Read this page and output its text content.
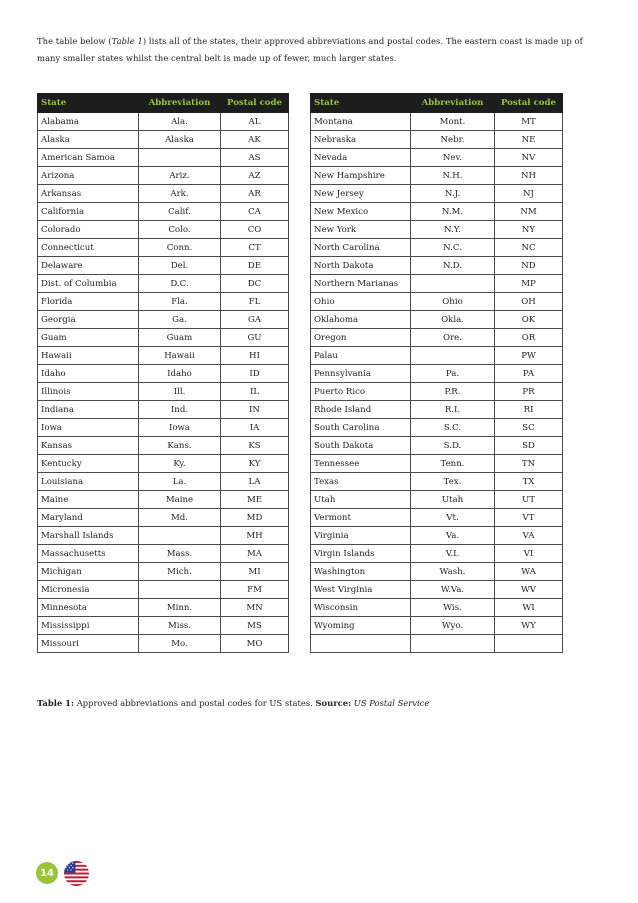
The table below (Table 1) lists all of the states, their approved abbreviations and postal codes. The eastern coast is made up of many smaller states whilst the central belt is made up of fewer, much larger states.
State	Abbreviation	Postal code
Alabama	Ala.	AL
Alaska	Alaska	AK
American Samoa		AS
Arizona	Ariz.	AZ
Arkansas	Ark.	AR
California	Calif.	CA
Colorado	Colo.	CO
Connecticut	Conn.	CT
Delaware	Del.	DE
Dist. of Columbia	D.C.	DC
Florida	Fla.	FL
Georgia	Ga.	GA
Guam	Guam	GU
Hawaii	Hawaii	HI
Idaho	Idaho	ID
Illinois	Ill.	IL
Indiana	Ind.	IN
Iowa	Iowa	IA
Kansas	Kans.	KS
Kentucky	Ky.	KY
Louisiana	La.	LA
Maine	Maine	ME
Maryland	Md.	MD
Marshall Islands		MH
Massachusetts	Mass.	MA
Michigan	Mich.	MI
Micronesia		FM
Minnesota	Minn.	MN
Mississippi	Miss.	MS
Missouri	Mo.	MO
State	Abbreviation	Postal code
Montana	Mont.	MT
Nebraska	Nebr.	NE
Nevada	Nev.	NV
New Hampshire	N.H.	NH
New Jersey	N.J.	NJ
New Mexico	N.M.	NM
New York	N.Y.	NY
North Carolina	N.C.	NC
North Dakota	N.D.	ND
Northern Marianas		MP
Ohio	Ohio	OH
Oklahoma	Okla.	OK
Oregon	Ore.	OR
Palau		PW
Pennsylvania	Pa.	PA
Puerto Rico	P.R.	PR
Rhode Island	R.I.	RI
South Carolina	S.C.	SC
South Dakota	S.D.	SD
Tennessee	Tenn.	TN
Texas	Tex.	TX
Utah	Utah	UT
Vermont	Vt.	VT
Virginia	Va.	VA
Virgin Islands	V.I.	VI
Washington	Wash.	WA
West Virginia	W.Va.	WV
Wisconsin	Wis.	WI
Wyoming	Wyo.	WY

Table 1: Approved abbreviations and postal codes for US states. Source: US Postal Service
14
